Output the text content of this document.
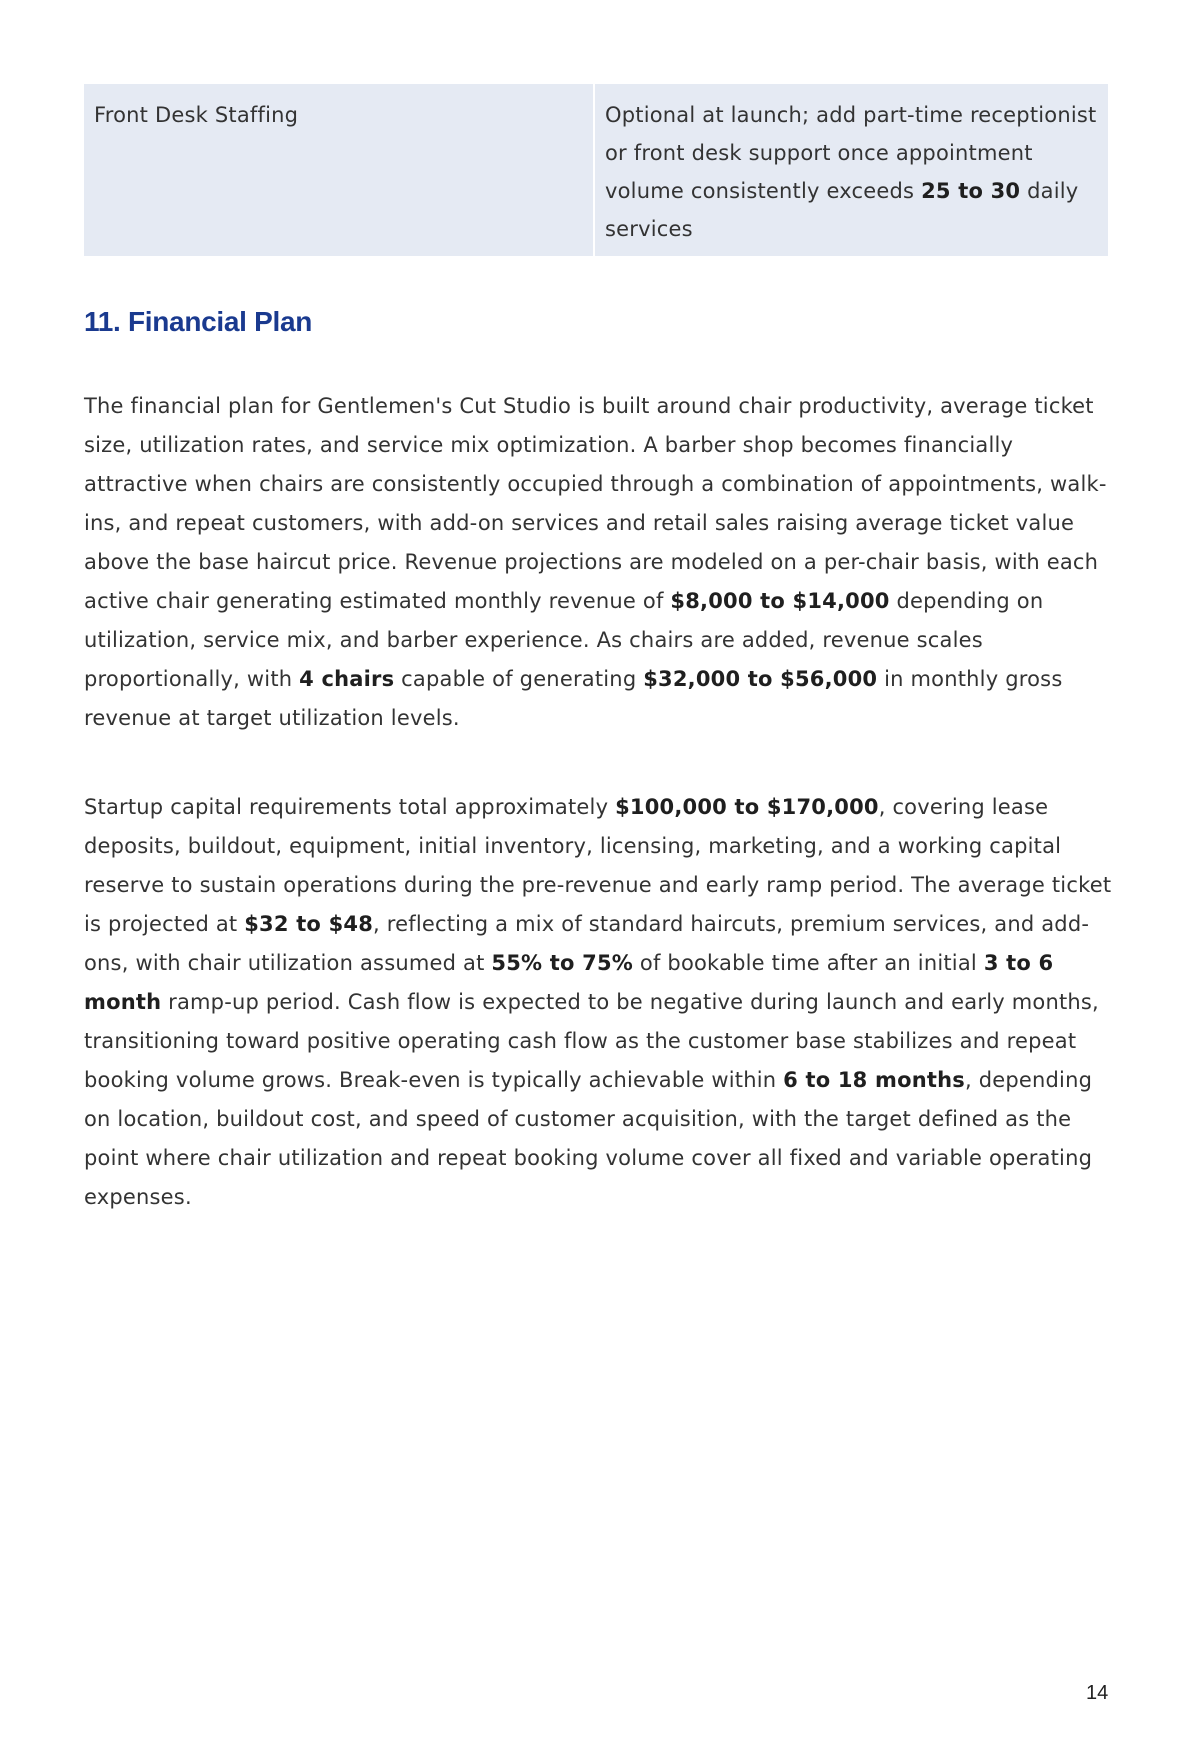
Front Desk Staffing	Optional at launch; add part-time receptionist or front desk support once appointment volume consistently exceeds 25 to 30 daily services
11. Financial Plan

The financial plan for Gentlemen's Cut Studio is built around chair productivity, average ticket size, utilization rates, and service mix optimization. A barber shop becomes financially attractive when chairs are consistently occupied through a combination of appointments, walk-ins, and repeat customers, with add-on services and retail sales raising average ticket value above the base haircut price. Revenue projections are modeled on a per-chair basis, with each active chair generating estimated monthly revenue of $8,000 to $14,000 depending on utilization, service mix, and barber experience. As chairs are added, revenue scales proportionally, with 4 chairs capable of generating $32,000 to $56,000 in monthly gross revenue at target utilization levels.

Startup capital requirements total approximately $100,000 to $170,000, covering lease deposits, buildout, equipment, initial inventory, licensing, marketing, and a working capital reserve to sustain operations during the pre-revenue and early ramp period. The average ticket is projected at $32 to $48, reflecting a mix of standard haircuts, premium services, and add-ons, with chair utilization assumed at 55% to 75% of bookable time after an initial 3 to 6 month ramp-up period. Cash flow is expected to be negative during launch and early months, transitioning toward positive operating cash flow as the customer base stabilizes and repeat booking volume grows. Break-even is typically achievable within 6 to 18 months, depending on location, buildout cost, and speed of customer acquisition, with the target defined as the point where chair utilization and repeat booking volume cover all fixed and variable operating expenses.

14
